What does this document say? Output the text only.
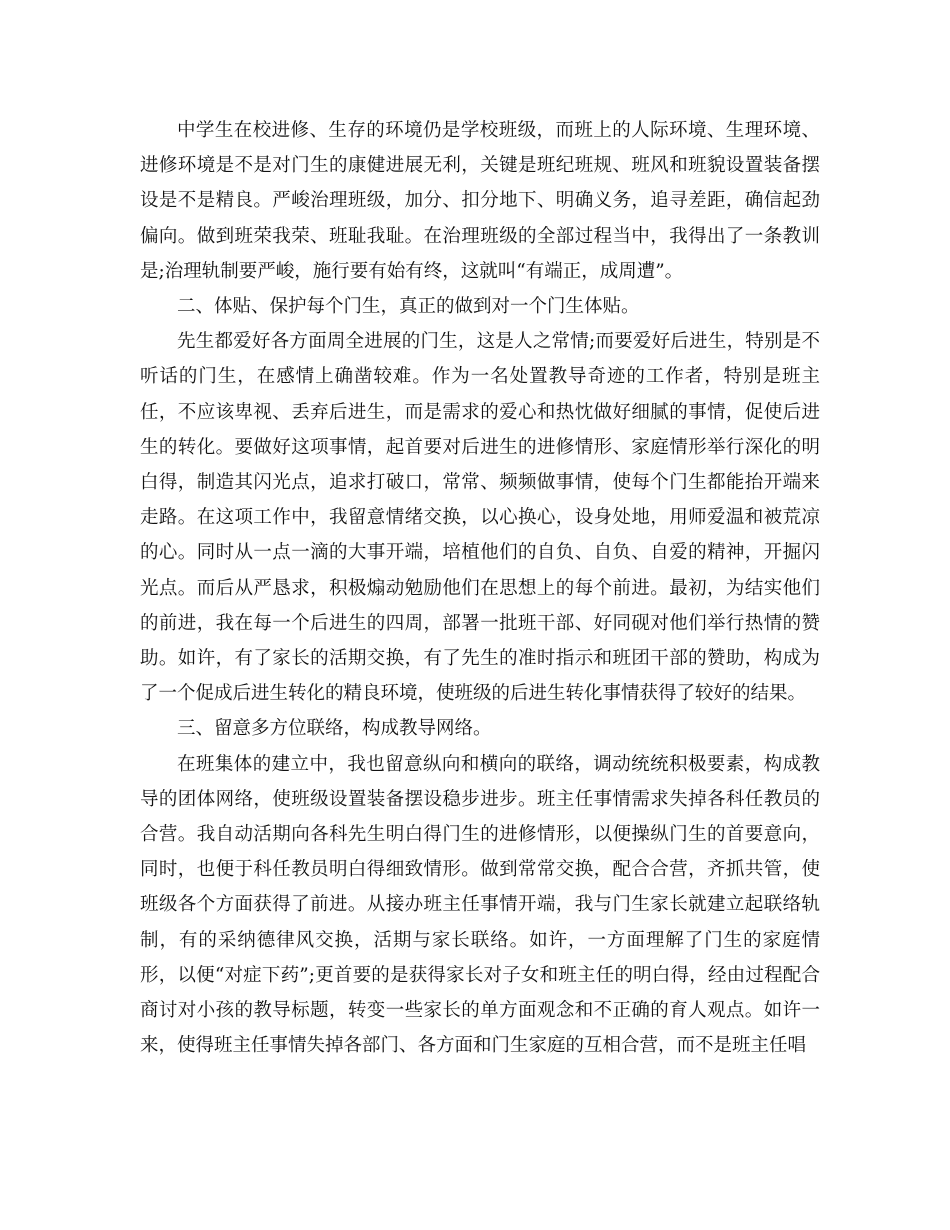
中学生在校进修、生存的环境仍是学校班级，而班上的人际环境、生理环境、进修环境是不是对门生的康健进展无利，关键是班纪班规、班风和班貌设置装备摆设是不是精良。严峻治理班级，加分、扣分地下、明确义务，追寻差距，确信起劲偏向。做到班荣我荣、班耻我耻。在治理班级的全部过程当中，我得出了一条教训是;治理轨制要严峻，施行要有始有终，这就叫“有端正，成周遭”。

二、体贴、保护每个门生，真正的做到对一个门生体贴。

先生都爱好各方面周全进展的门生，这是人之常情;而要爱好后进生，特别是不听话的门生，在感情上确凿较难。作为一名处置教导奇迹的工作者，特别是班主任，不应该卑视、丢弃后进生，而是需求的爱心和热忱做好细腻的事情，促使后进生的转化。要做好这项事情，起首要对后进生的进修情形、家庭情形举行深化的明白得，制造其闪光点，追求打破口，常常、频频做事情，使每个门生都能抬开端来走路。在这项工作中，我留意情绪交换，以心换心，设身处地，用师爱温和被荒凉的心。同时从一点一滴的大事开端，培植他们的自负、自负、自爱的精神，开掘闪光点。而后从严恳求，积极煽动勉励他们在思想上的每个前进。最初，为结实他们的前进，我在每一个后进生的四周，部署一批班干部、好同砚对他们举行热情的赞助。如许，有了家长的活期交换，有了先生的准时指示和班团干部的赞助，构成为了一个促成后进生转化的精良环境，使班级的后进生转化事情获得了较好的结果。

三、留意多方位联络，构成教导网络。

在班集体的建立中，我也留意纵向和横向的联络，调动统统积极要素，构成教导的团体网络，使班级设置装备摆设稳步进步。班主任事情需求失掉各科任教员的合营。我自动活期向各科先生明白得门生的进修情形，以便操纵门生的首要意向，同时，也便于科任教员明白得细致情形。做到常常交换，配合合营，齐抓共管，使班级各个方面获得了前进。从接办班主任事情开端，我与门生家长就建立起联络轨制，有的采纳德律风交换，活期与家长联络。如许，一方面理解了门生的家庭情形，以便“对症下药”;更首要的是获得家长对子女和班主任的明白得，经由过程配合商讨对小孩的教导标题，转变一些家长的单方面观念和不正确的育人观点。如许一来，使得班主任事情失掉各部门、各方面和门生家庭的互相合营，而不是班主任唱
